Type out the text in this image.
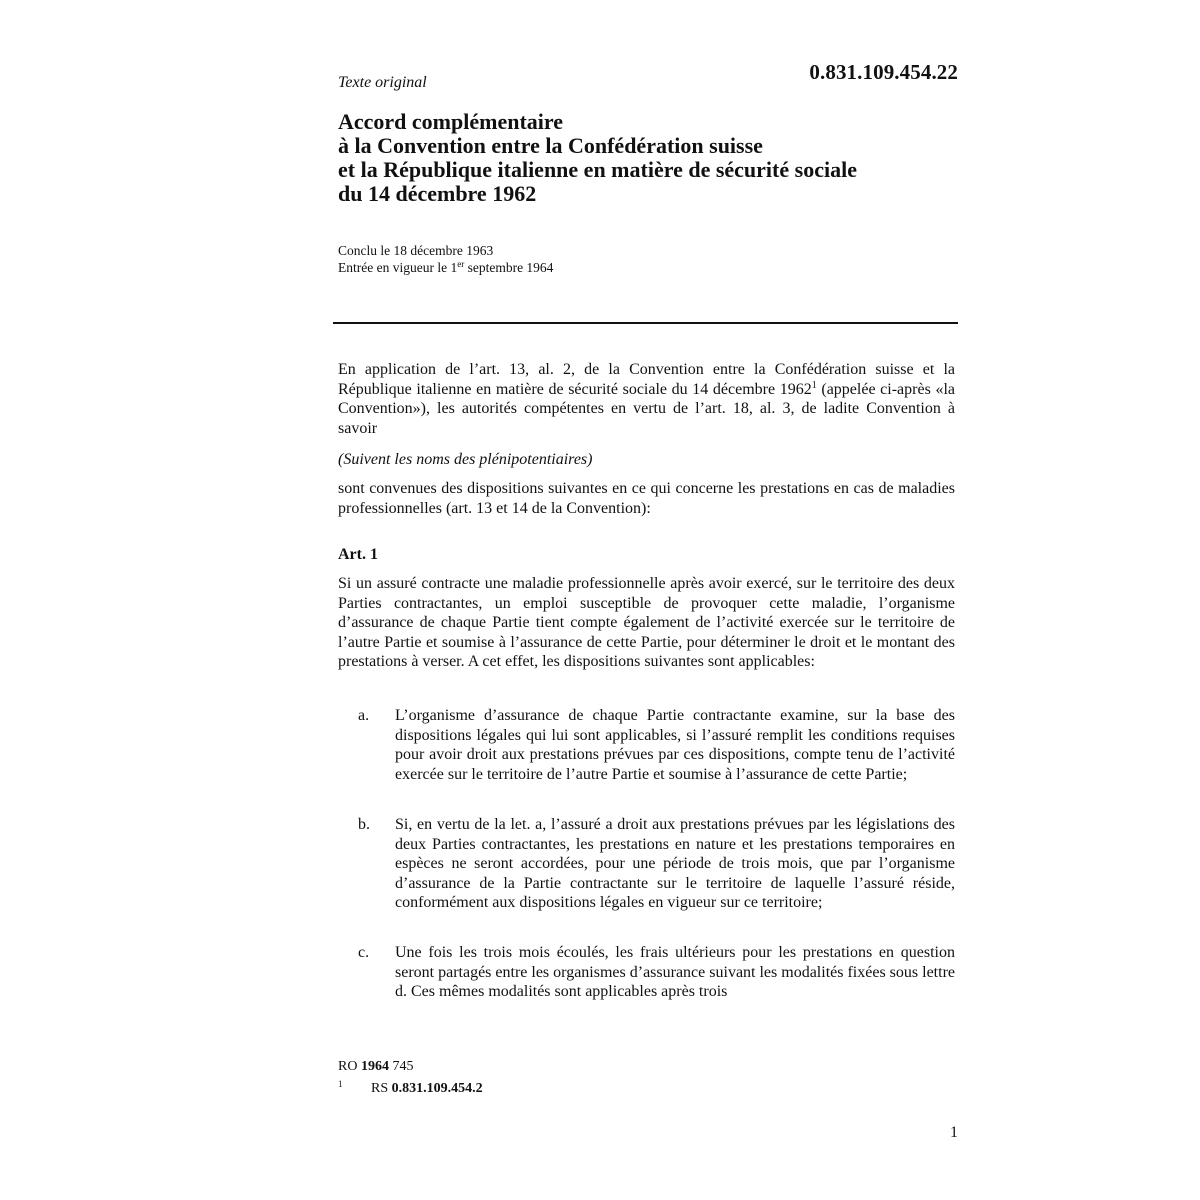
0.831.109.454.22
Texte original
Accord complémentaire
à la Convention entre la Confédération suisse
et la République italienne en matière de sécurité sociale
du 14 décembre 1962
Conclu le 18 décembre 1963
Entrée en vigueur le 1er septembre 1964
En application de l’art. 13, al. 2, de la Convention entre la Confédération suisse et la République italienne en matière de sécurité sociale du 14 décembre 1962$^1$ (appelée ci-après «la Convention»), les autorités compétentes en vertu de l’art. 18, al. 3, de ladite Convention à savoir
(Suivent les noms des plénipotentiaires)
sont convenues des dispositions suivantes en ce qui concerne les prestations en cas de maladies professionnelles (art. 13 et 14 de la Convention):
Art. 1
Si un assuré contracte une maladie professionnelle après avoir exercé, sur le territoire des deux Parties contractantes, un emploi susceptible de provoquer cette maladie, l’organisme d’assurance de chaque Partie tient compte également de l’activité exercée sur le territoire de l’autre Partie et soumise à l’assurance de cette Partie, pour déterminer le droit et le montant des prestations à verser. A cet effet, les dispositions suivantes sont applicables:
a. L’organisme d’assurance de chaque Partie contractante examine, sur la base des dispositions légales qui lui sont applicables, si l’assuré remplit les conditions requises pour avoir droit aux prestations prévues par ces dispositions, compte tenu de l’activité exercée sur le territoire de l’autre Partie et soumise à l’assurance de cette Partie;
b. Si, en vertu de la let. a, l’assuré a droit aux prestations prévues par les législations des deux Parties contractantes, les prestations en nature et les prestations temporaires en espèces ne seront accordées, pour une période de trois mois, que par l’organisme d’assurance de la Partie contractante sur le territoire de laquelle l’assuré réside, conformément aux dispositions légales en vigueur sur ce territoire;
c. Une fois les trois mois écoulés, les frais ultérieurs pour les prestations en question seront partagés entre les organismes d’assurance suivant les modalités fixées sous lettre d. Ces mêmes modalités sont applicables après trois
RO 1964 745
1 RS 0.831.109.454.2
1
